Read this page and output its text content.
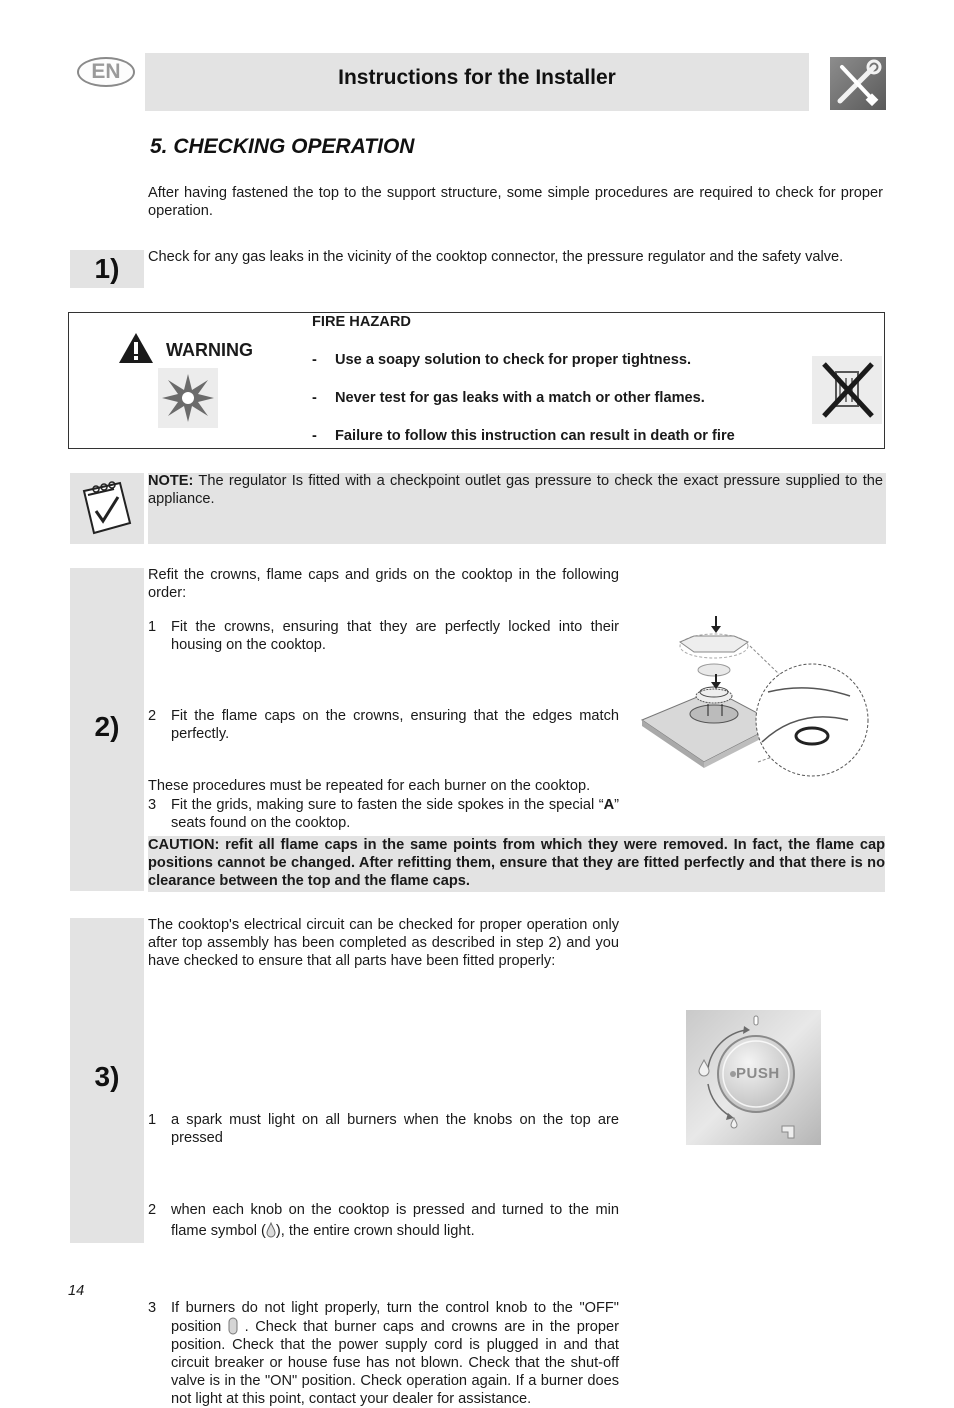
EN	Instructions for the Installer
5. CHECKING OPERATION
After having fastened the top to the support structure, some simple procedures are required to check for proper operation.
1)	Check for any gas leaks in the vicinity of the cooktop connector, the pressure regulator and the safety valve.
WARNING
FIRE HAZARD
- Use a soapy solution to check for proper tightness.
- Never test for gas leaks with a match or other flames.
- Failure to follow this instruction can result in death or fire
NOTE: The regulator Is fitted with a checkpoint outlet gas pressure to check the exact pressure supplied to the appliance.
2)
Refit the crowns, flame caps and grids on the cooktop in the following order:
1 Fit the crowns, ensuring that they are perfectly locked into their housing on the cooktop.
2 Fit the flame caps on the crowns, ensuring that the edges match perfectly.
3 Fit the grids, making sure to fasten the side spokes in the special “A” seats found on the cooktop.
These procedures must be repeated for each burner on the cooktop.
CAUTION: refit all flame caps in the same points from which they were removed. In fact, the flame cap positions cannot be changed. After refitting them, ensure that they are fitted perfectly and that there is no clearance between the top and the flame caps.
3)
The cooktop's electrical circuit can be checked for proper operation only after top assembly has been completed as described in step 2) and you have checked to ensure that all parts have been fitted properly:
1 a spark must light on all burners when the knobs on the top are pressed
2 when each knob on the cooktop is pressed and turned to the min flame symbol ( ), the entire crown should light.
3 If burners do not light properly, turn the control knob to the "OFF" position . Check that burner caps and crowns are in the proper position. Check that the power supply cord is plugged in and that circuit breaker or house fuse has not blown. Check that the shut-off valve is in the "ON" position. Check operation again. If a burner does not light at this point, contact your dealer for assistance.
PUSH
14
